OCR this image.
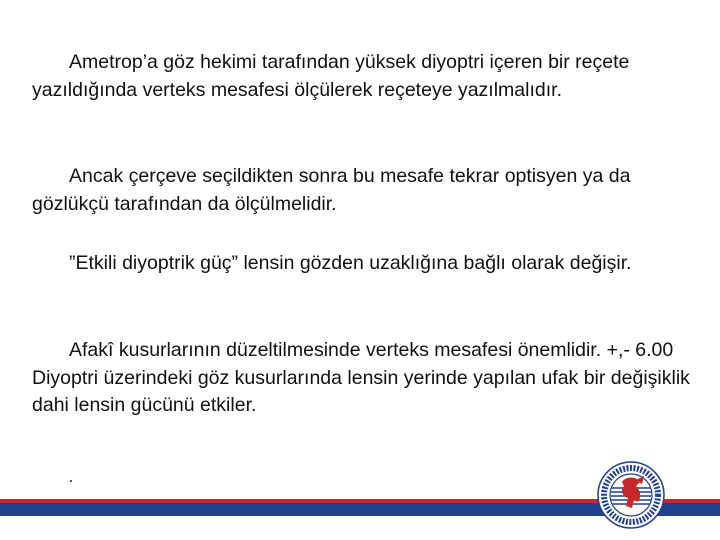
Ametrop’a göz hekimi tarafından yüksek diyoptri içeren bir reçete yazıldığında verteks mesafesi ölçülerek reçeteye yazılmalıdır.

Ancak çerçeve seçildikten sonra bu mesafe tekrar optisyen ya da gözlükçü tarafından da ölçülmelidir.

”Etkili diyoptrik güç” lensin gözden uzaklığına bağlı olarak değişir.

Afakî kusurlarının düzeltilmesinde verteks mesafesi önemlidir. +,- 6.00 Diyoptri üzerindeki göz kusurlarında lensin yerinde yapılan ufak bir değişiklik dahi lensin gücünü etkiler.
